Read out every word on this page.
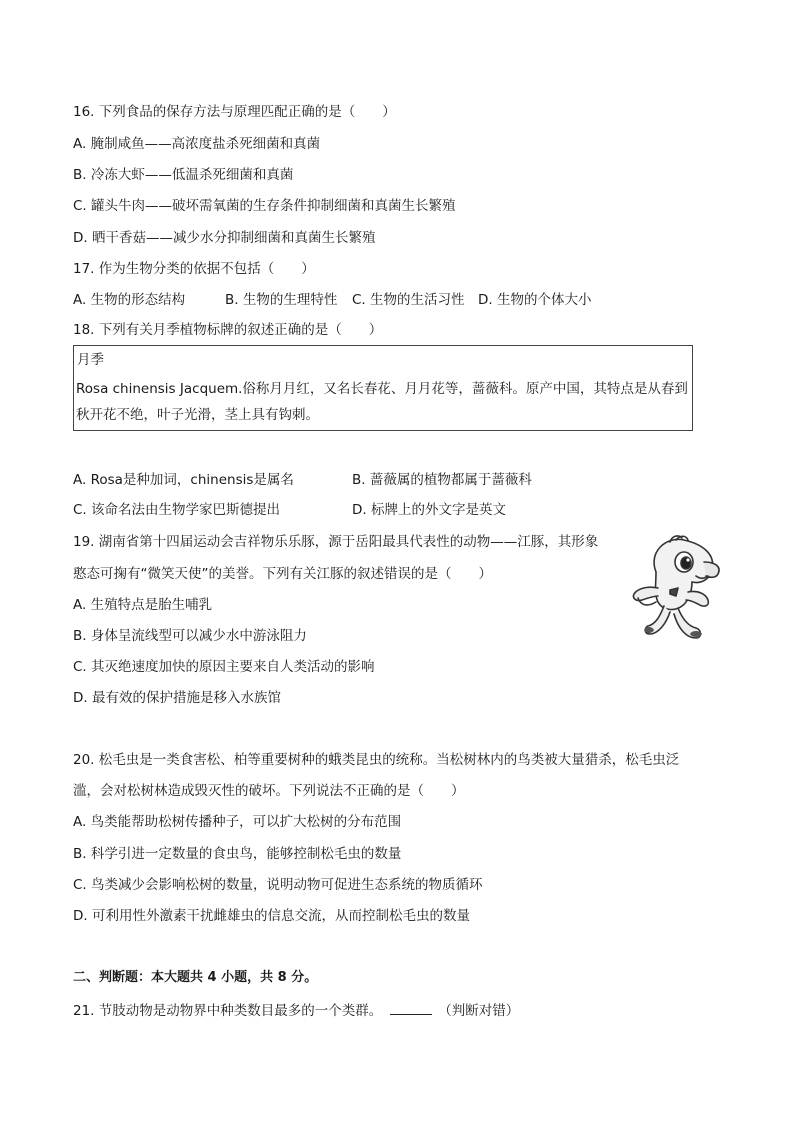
16. 下列食品的保存方法与原理匹配正确的是（　　）
A. 腌制咸鱼——高浓度盐杀死细菌和真菌
B. 冷冻大虾——低温杀死细菌和真菌
C. 罐头牛肉——破坏需氧菌的生存条件抑制细菌和真菌生长繁殖
D. 晒干香菇——减少水分抑制细菌和真菌生长繁殖
17. 作为生物分类的依据不包括（　　）
A. 生物的形态结构	B. 生物的生理特性 C. 生物的生活习性 D. 生物的个体大小
18. 下列有关月季植物标牌的叙述正确的是（　　）
月季
Rosa chinensis Jacquem.俗称月月红，又名长春花、月月花等，蔷薇科。原产中国，其特点是从春到秋开花不绝，叶子光滑，茎上具有钩刺。
A. Rosa是种加词，chinensis是属名	B. 蔷薇属的植物都属于蔷薇科
C. 该命名法由生物学家巴斯德提出	D. 标牌上的外文字是英文
19. 湖南省第十四届运动会吉祥物乐乐豚，源于岳阳最具代表性的动物——江豚，其形象
憨态可掬有“微笑天使”的美誉。下列有关江豚的叙述错误的是（　　）
A. 生殖特点是胎生哺乳
B. 身体呈流线型可以减少水中游泳阻力
C. 其灭绝速度加快的原因主要来自人类活动的影响
D. 最有效的保护措施是移入水族馆
20. 松毛虫是一类食害松、柏等重要树种的蛾类昆虫的统称。当松树林内的鸟类被大量猎杀，松毛虫泛
滥，会对松树林造成毁灭性的破坏。下列说法不正确的是（　　）
A. 鸟类能帮助松树传播种子，可以扩大松树的分布范围
B. 科学引进一定数量的食虫鸟，能够控制松毛虫的数量
C. 鸟类减少会影响松树的数量，说明动物可促进生态系统的物质循环
D. 可利用性外激素干扰雌雄虫的信息交流，从而控制松毛虫的数量
二、判断题：本大题共 4 小题，共 8 分。
21. 节肢动物是动物界中种类数目最多的一个类群。	（判断对错）
